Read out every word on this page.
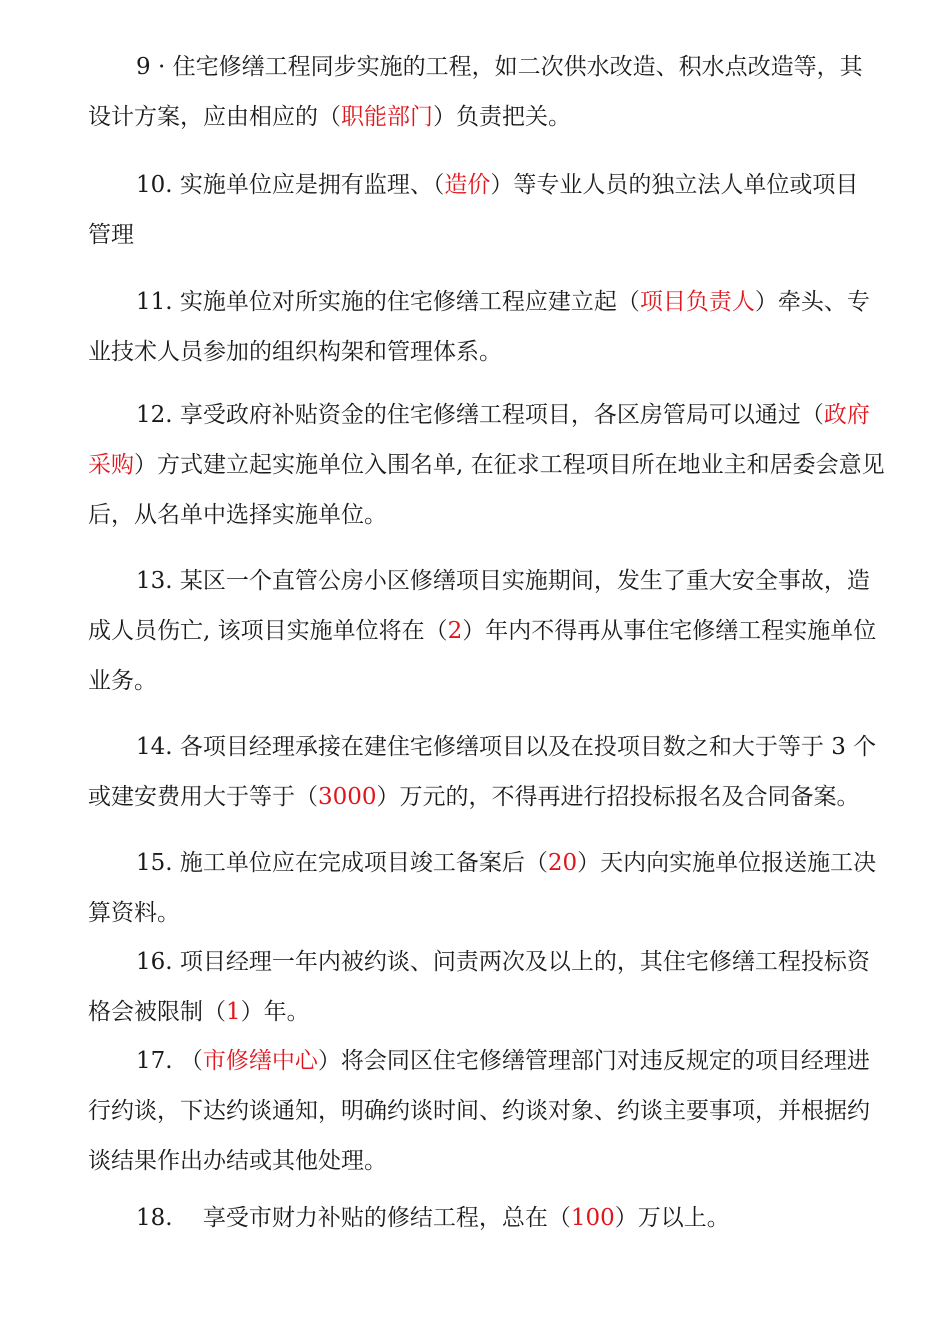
9 · 住宅修缮工程同步实施的工程，如二次供水改造、积水点改造等，其
设计方案，应由相应的（职能部门）负责把关。
10. 实施单位应是拥有监理、（造价）等专业人员的独立法人单位或项目
管理
11. 实施单位对所实施的住宅修缮工程应建立起（项目负责人）牵头、专
业技术人员参加的组织构架和管理体系。
12. 享受政府补贴资金的住宅修缮工程项目，各区房管局可以通过（政府
采购）方式建立起实施单位入围名单, 在征求工程项目所在地业主和居委会意见
后，从名单中选择实施单位。
13. 某区一个直管公房小区修缮项目实施期间，发生了重大安全事故，造
成人员伤亡, 该项目实施单位将在（2）年内不得再从事住宅修缮工程实施单位
业务。
14. 各项目经理承接在建住宅修缮项目以及在投项目数之和大于等于 3 个
或建安费用大于等于（3000）万元的，不得再进行招投标报名及合同备案。
15. 施工单位应在完成项目竣工备案后（20）天内向实施单位报送施工决
算资料。
16. 项目经理一年内被约谈、问责两次及以上的，其住宅修缮工程投标资
格会被限制（1）年。
17. （市修缮中心）将会同区住宅修缮管理部门对违反规定的项目经理进
行约谈，下达约谈通知，明确约谈时间、约谈对象、约谈主要事项，并根据约
谈结果作出办结或其他处理。
18.　 享受市财力补贴的修结工程，总在（100）万以上。
